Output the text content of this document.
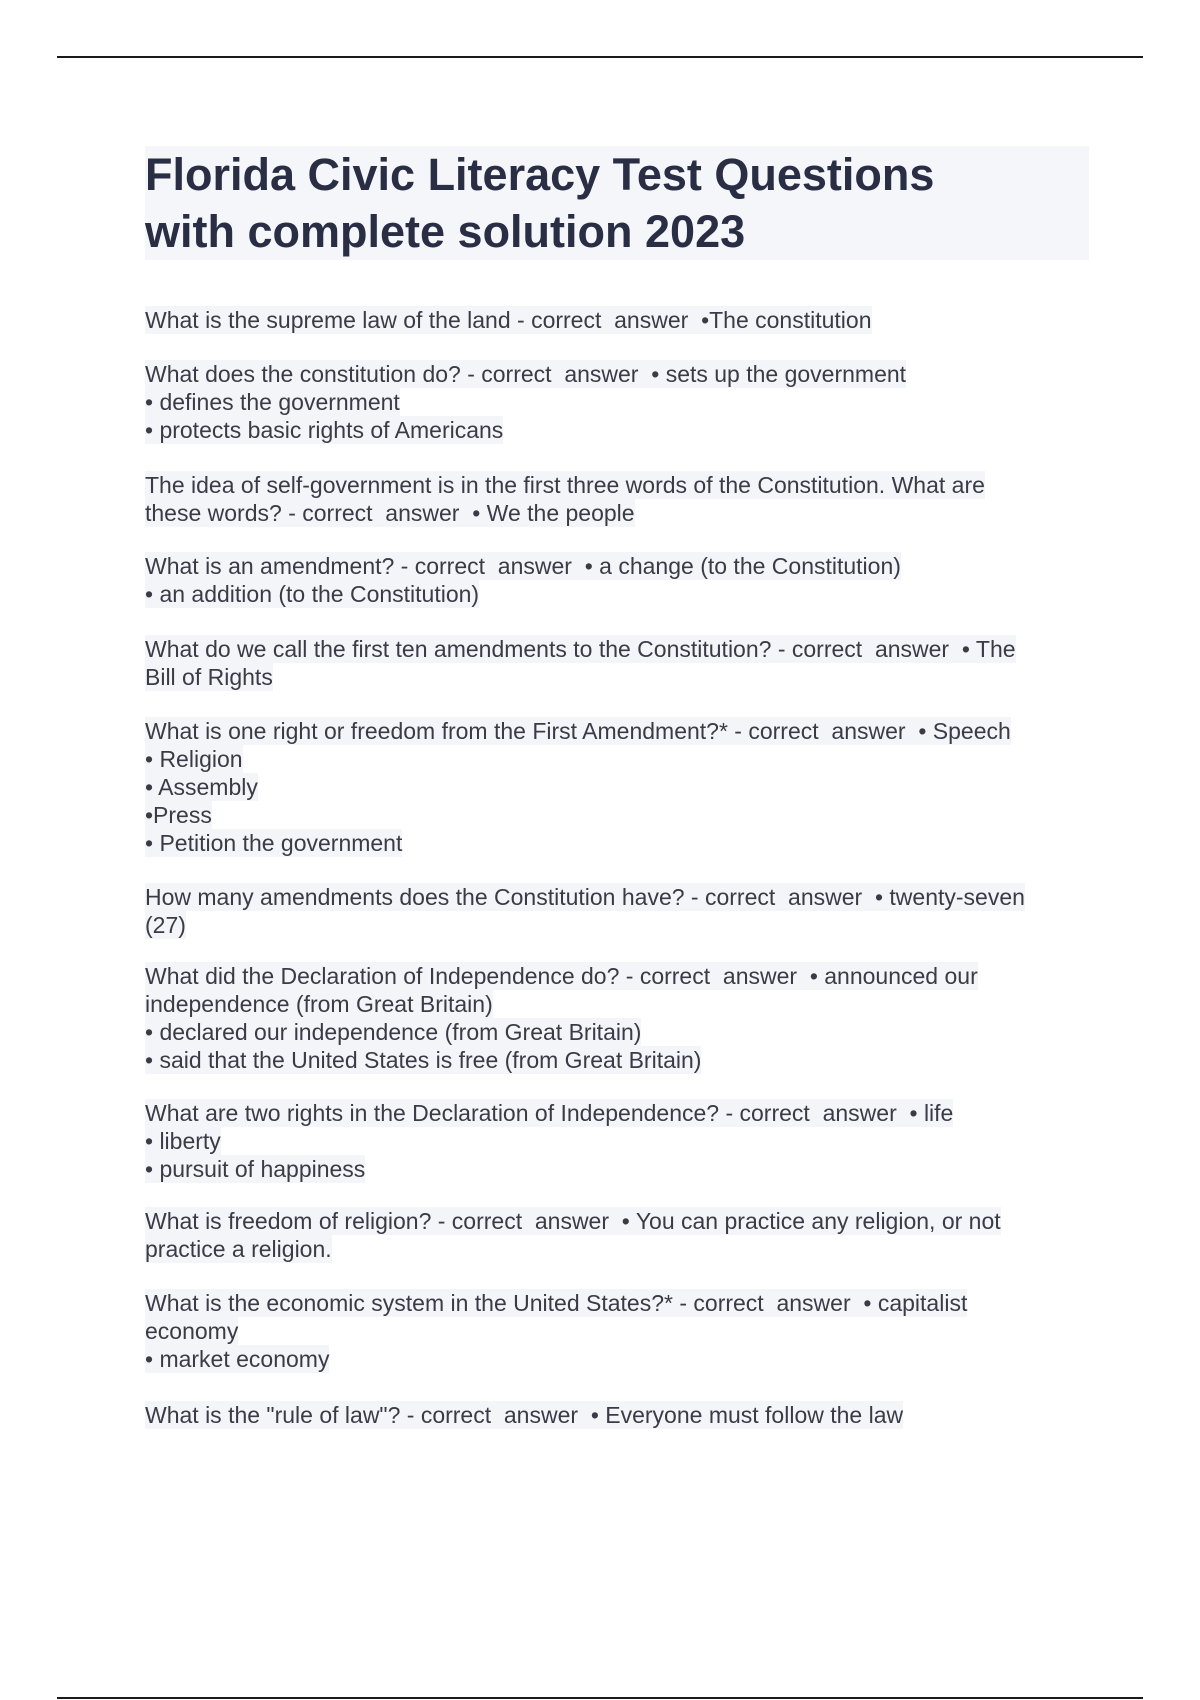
Florida Civic Literacy Test Questions
with complete solution 2023
What is the supreme law of the land - correct  answer  •The constitution
What does the constitution do? - correct  answer  • sets up the government
• defines the government
• protects basic rights of Americans
The idea of self-government is in the first three words of the Constitution. What are
these words? - correct  answer  • We the people
What is an amendment? - correct  answer  • a change (to the Constitution)
• an addition (to the Constitution)
What do we call the first ten amendments to the Constitution? - correct  answer  • The
Bill of Rights
What is one right or freedom from the First Amendment?* - correct  answer  • Speech
• Religion
• Assembly
•Press
• Petition the government
How many amendments does the Constitution have? - correct  answer  • twenty-seven
(27)
What did the Declaration of Independence do? - correct  answer  • announced our
independence (from Great Britain)
• declared our independence (from Great Britain)
• said that the United States is free (from Great Britain)
What are two rights in the Declaration of Independence? - correct  answer  • life
• liberty
• pursuit of happiness
What is freedom of religion? - correct  answer  • You can practice any religion, or not
practice a religion.
What is the economic system in the United States?* - correct  answer  • capitalist
economy
• market economy
What is the "rule of law"? - correct  answer  • Everyone must follow the law
